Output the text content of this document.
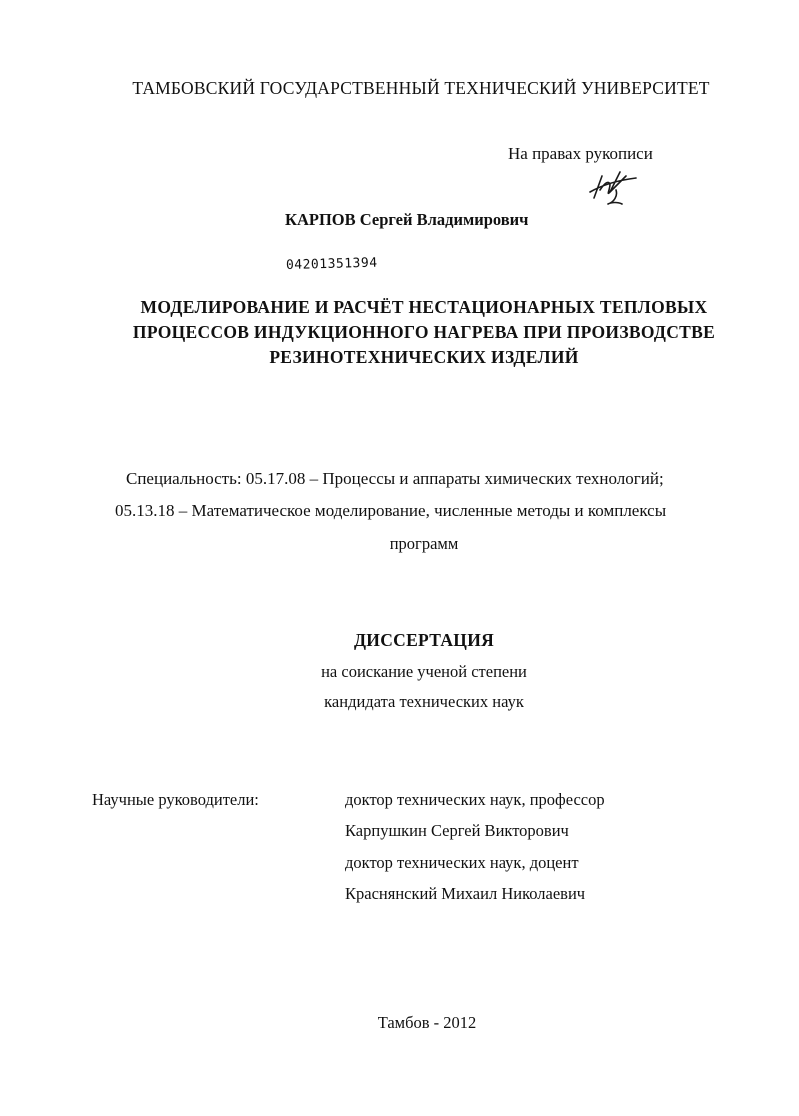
ТАМБОВСКИЙ ГОСУДАРСТВЕННЫЙ ТЕХНИЧЕСКИЙ УНИВЕРСИТЕТ
На правах рукописи
КАРПОВ Сергей Владимирович
04201351394
МОДЕЛИРОВАНИЕ И РАСЧЁТ НЕСТАЦИОНАРНЫХ ТЕПЛОВЫХ
ПРОЦЕССОВ ИНДУКЦИОННОГО НАГРЕВА ПРИ ПРОИЗВОДСТВЕ
РЕЗИНОТЕХНИЧЕСКИХ ИЗДЕЛИЙ
Специальность: 05.17.08 – Процессы и аппараты химических технологий;
05.13.18 – Математическое моделирование, численные методы и комплексы
программ
ДИССЕРТАЦИЯ
на соискание ученой степени
кандидата технических наук
Научные руководители:	доктор технических наук, профессор
Карпушкин Сергей Викторович
доктор технических наук, доцент
Краснянский Михаил Николаевич
Тамбов - 2012
